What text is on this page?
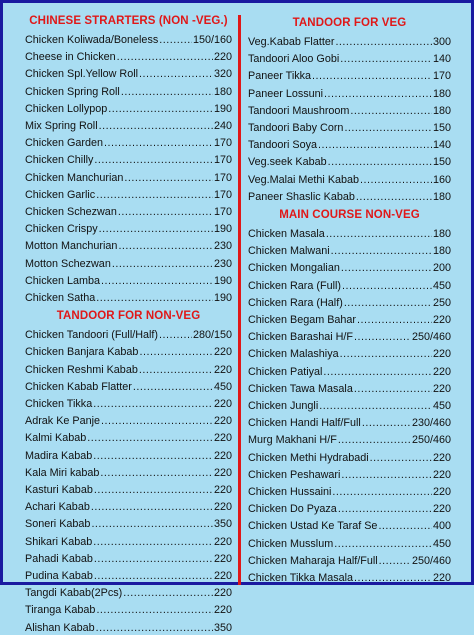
CHINESE STRARTERS (NON -VEG.)
Chicken Koliwada/Boneless .....	150/160
Cheese in Chicken .....	220
Chicken Spl.Yellow Roll .....	320
Chicken Spring Roll .....	180
Chicken Lollypop .....	190
Mix Spring Roll .....	240
Chicken Garden .....	170
Chicken Chilly .....	170
Chicken Manchurian .....	170
Chicken Garlic .....	170
Chicken Schezwan .....	170
Chicken Crispy .....	190
Motton Manchurian .....	230
Motton Schezwan .....	230
Chicken Lamba .....	190
Chicken Satha .....	190
TANDOOR FOR NON-VEG
Chicken Tandoori (Full/Half) .....	280/150
Chicken Banjara Kabab .....	220
Chicken Reshmi Kabab .....	220
Chicken Kabab Flatter .....	450
Chicken Tikka .....	220
Adrak Ke Panje .....	220
Kalmi Kabab .....	220
Madira Kabab .....	220
Kala Miri kabab .....	220
Kasturi Kabab .....	220
Achari Kabab .....	220
Soneri Kabab .....	350
Shikari Kabab .....	220
Pahadi Kabab .....	220
Pudina Kabab .....	220
Tangdi Kabab(2Pcs) .....	220
Tiranga Kabab .....	220
Alishan Kabab .....	350
TANDOOR FOR VEG
Veg.Kabab Flatter .....	300
Tandoori Aloo Gobi .....	140
Paneer Tikka .....	170
Paneer Lossuni .....	180
Tandoori Maushroom .....	180
Tandoori Baby Corn .....	150
Tandoori Soya .....	140
Veg.seek Kabab .....	150
Veg.Malai Methi Kabab .....	160
Paneer Shaslic Kabab .....	180
MAIN COURSE NON-VEG
Chicken Masala .....	180
Chicken Malwani .....	180
Chicken Mongalian .....	200
Chicken Rara (Full) .....	450
Chicken Rara (Half) .....	250
Chicken Begam Bahar .....	220
Chicken Barashai H/F .....	250/460
Chicken Malashiya .....	220
Chicken Patiyal .....	220
Chicken Tawa Masala .....	220
Chicken Jungli .....	450
Chicken Handi Half/Full .....	230/460
Murg Makhani H/F .....	250/460
Chicken Methi Hydrabadi .....	220
Chicken Peshawari .....	220
Chicken Hussaini .....	220
Chicken Do Pyaza .....	220
Chicken Ustad Ke Taraf Se .....	400
Chicken Musslum .....	450
Chicken Maharaja Half/Full .....	250/460
Chicken Tikka Masala .....	220
